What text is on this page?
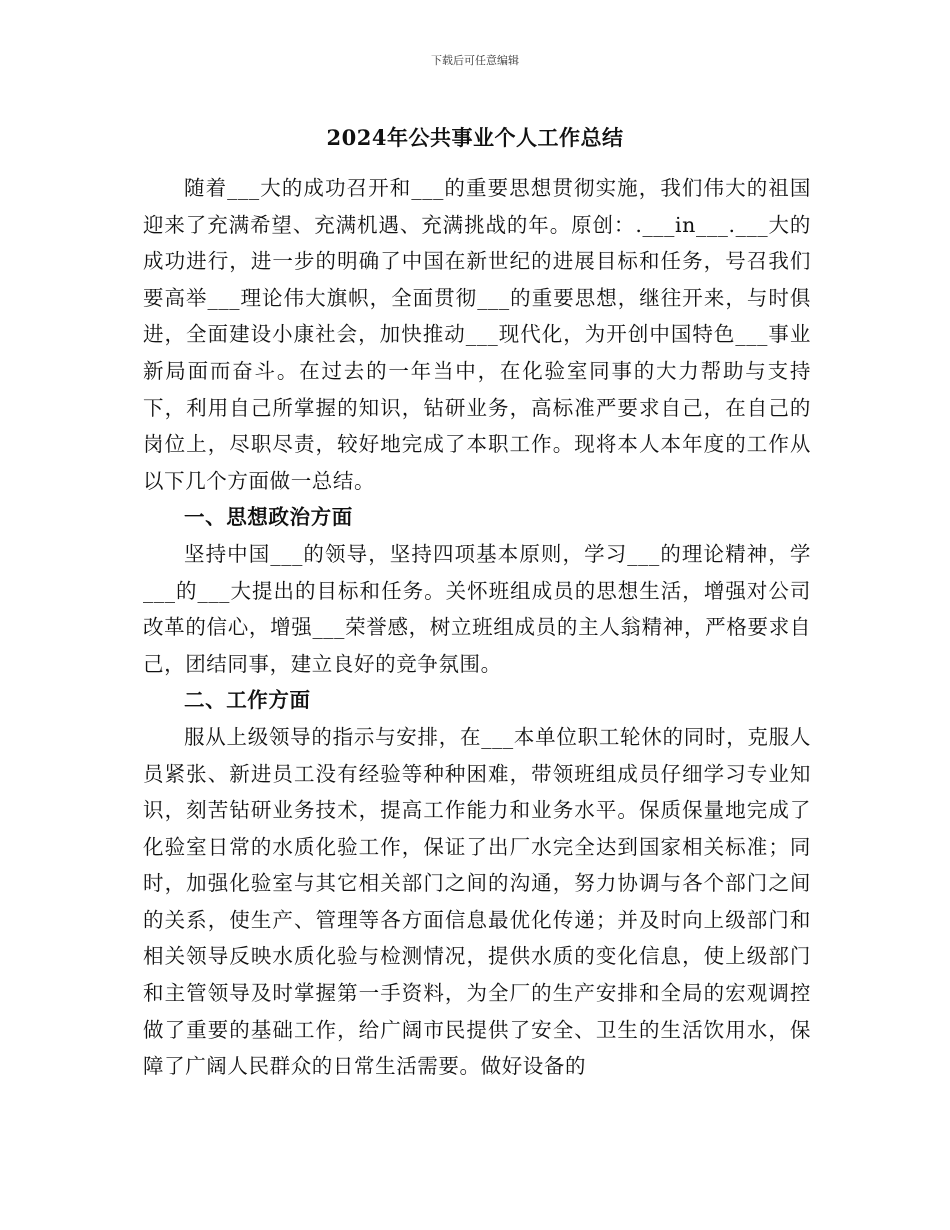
下载后可任意编辑
2024年公共事业个人工作总结

随着___大的成功召开和___的重要思想贯彻实施，我们伟大的祖国迎来了充满希望、充满机遇、充满挑战的年。原创：.___in___.___大的成功进行，进一步的明确了中国在新世纪的进展目标和任务，号召我们要高举___理论伟大旗帜，全面贯彻___的重要思想，继往开来，与时俱进，全面建设小康社会，加快推动___现代化，为开创中国特色___事业新局面而奋斗。在过去的一年当中，在化验室同事的大力帮助与支持下，利用自己所掌握的知识，钻研业务，高标准严要求自己，在自己的岗位上，尽职尽责，较好地完成了本职工作。现将本人本年度的工作从以下几个方面做一总结。

一、思想政治方面

坚持中国___的领导，坚持四项基本原则，学习___的理论精神，学___的___大提出的目标和任务。关怀班组成员的思想生活，增强对公司改革的信心，增强___荣誉感，树立班组成员的主人翁精神，严格要求自己，团结同事，建立良好的竞争氛围。

二、工作方面

服从上级领导的指示与安排，在___本单位职工轮休的同时，克服人员紧张、新进员工没有经验等种种困难，带领班组成员仔细学习专业知识，刻苦钻研业务技术，提高工作能力和业务水平。保质保量地完成了化验室日常的水质化验工作，保证了出厂水完全达到国家相关标准；同时，加强化验室与其它相关部门之间的沟通，努力协调与各个部门之间的关系，使生产、管理等各方面信息最优化传递；并及时向上级部门和相关领导反映水质化验与检测情况，提供水质的变化信息，使上级部门和主管领导及时掌握第一手资料，为全厂的生产安排和全局的宏观调控做了重要的基础工作，给广阔市民提供了安全、卫生的生活饮用水，保障了广阔人民群众的日常生活需要。做好设备的
